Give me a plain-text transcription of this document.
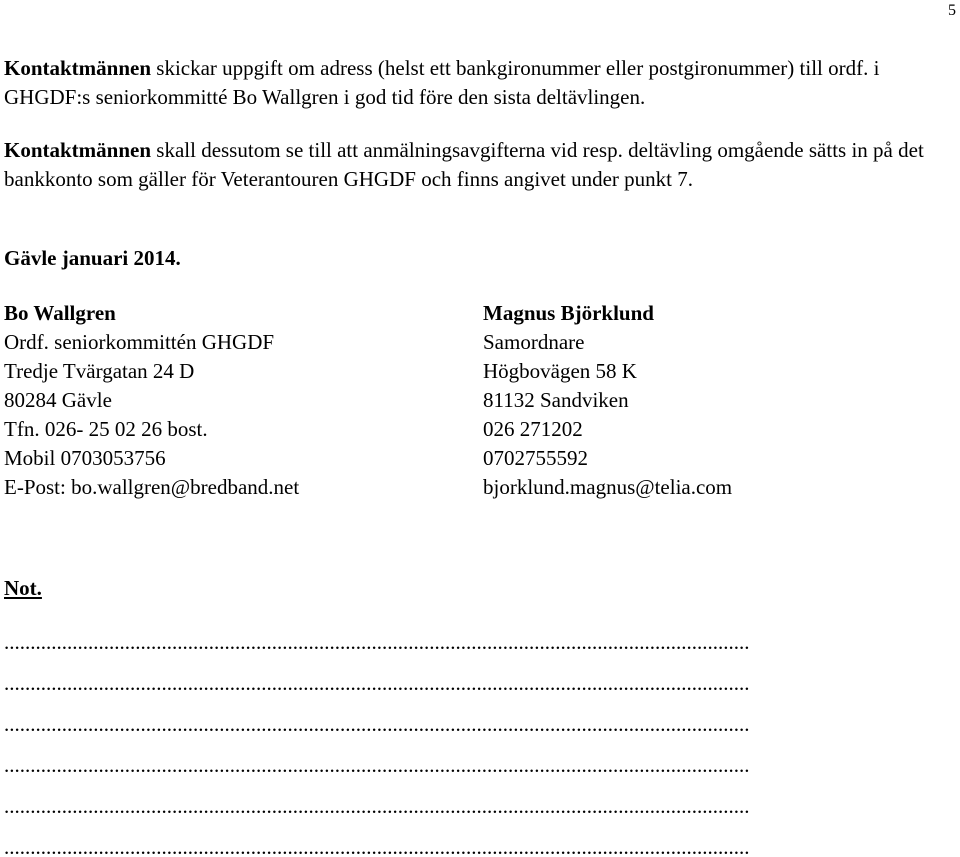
5

Kontaktmännen skickar uppgift om adress (helst ett bankgironummer eller postgironummer) till ordf. i GHGDF:s seniorkommitté Bo Wallgren i god tid före den sista deltävlingen.

Kontaktmännen skall dessutom se till att anmälningsavgifterna vid resp. deltävling omgående sätts in på det bankkonto som gäller för Veterantouren GHGDF och finns angivet under punkt 7.

Gävle januari 2014.
Bo Wallgren
Ordf. seniorkommittén GHGDF
Tredje Tvärgatan 24 D
80284 Gävle
Tfn. 026- 25 02 26 bost.
Mobil 0703053756
E-Post: bo.wallgren@bredband.net
Magnus Björklund
Samordnare
Högbovägen 58 K
81132 Sandviken
026 271202
0702755592
bjorklund.magnus@telia.com
Not.
..............................................................................................................................................
..............................................................................................................................................
..............................................................................................................................................
..............................................................................................................................................
..............................................................................................................................................
..............................................................................................................................................
